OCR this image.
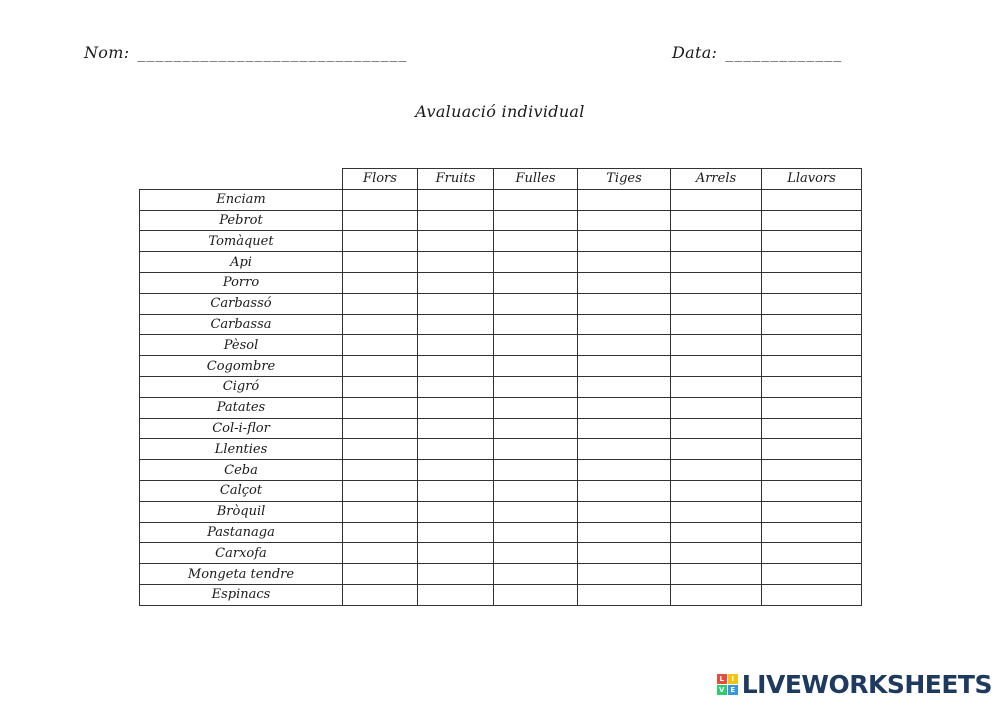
Nom: ______________________________	Data: _____________
Avaluació individual
	Flors	Fruits	Fulles	Tiges	Arrels	Llavors
Enciam						
Pebrot						
Tomàquet						
Api						
Porro						
Carbassó						
Carbassa						
Pèsol						
Cogombre						
Cigró						
Patates						
Col-i-flor						
Llenties						
Ceba						
Calçot						
Bròquil						
Pastanaga						
Carxofa						
Mongeta tendre						
Espinacs						
L	I
V E LIVEWORKSHEETS
